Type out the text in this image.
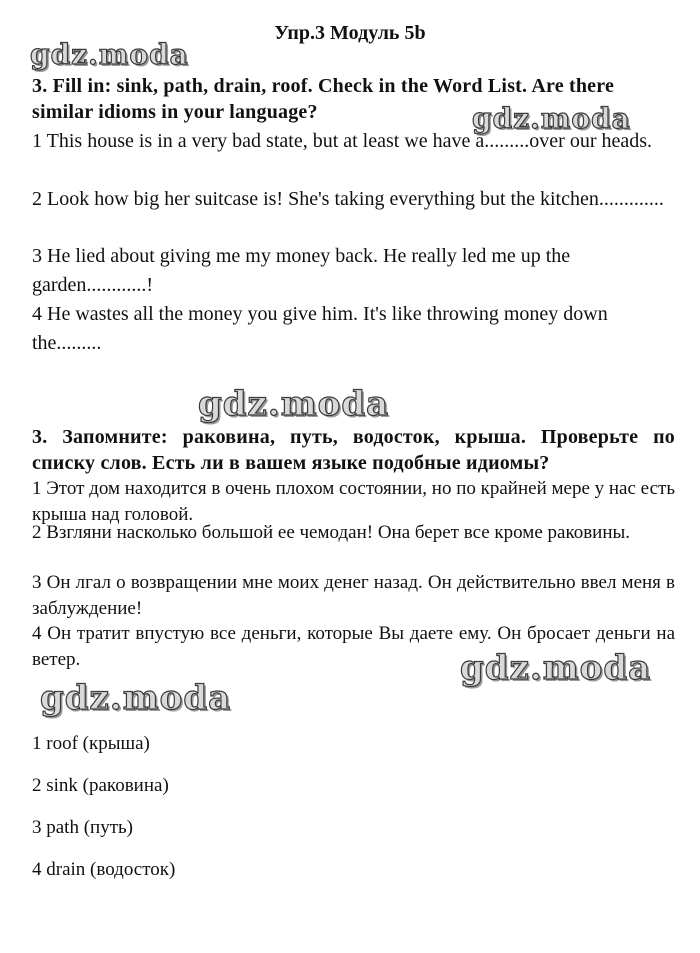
Упр.3 Модуль 5b
gdz.moda
3. Fill in: sink, path, drain, roof. Check in the Word List. Are there similar idioms in your language?	gdz.moda
1 This house is in a very bad state, but at least we have a.........over our heads.
2 Look how big her suitcase is! She's taking everything but the kitchen.............
3 He lied about giving me my money back. He really led me up the garden............!
4 He wastes all the money you give him. It's like throwing money down the.........
gdz.moda
3. Запомните: раковина, путь, водосток, крыша. Проверьте по списку слов. Есть ли в вашем языке подобные идиомы?
1 Этот дом находится в очень плохом состоянии, но по крайней мере у нас есть крыша над головой.
2 Взгляни насколько большой ее чемодан! Она берет все кроме раковины.
3 Он лгал о возвращении мне моих денег назад. Он действительно ввел меня в заблуждение!
4 Он тратит впустую все деньги, которые Вы даете ему. Он бросает деньги на ветер.	gdz.moda
gdz.moda
1 roof (крыша)
2 sink (раковина)
3 path (путь)
4 drain (водосток)
